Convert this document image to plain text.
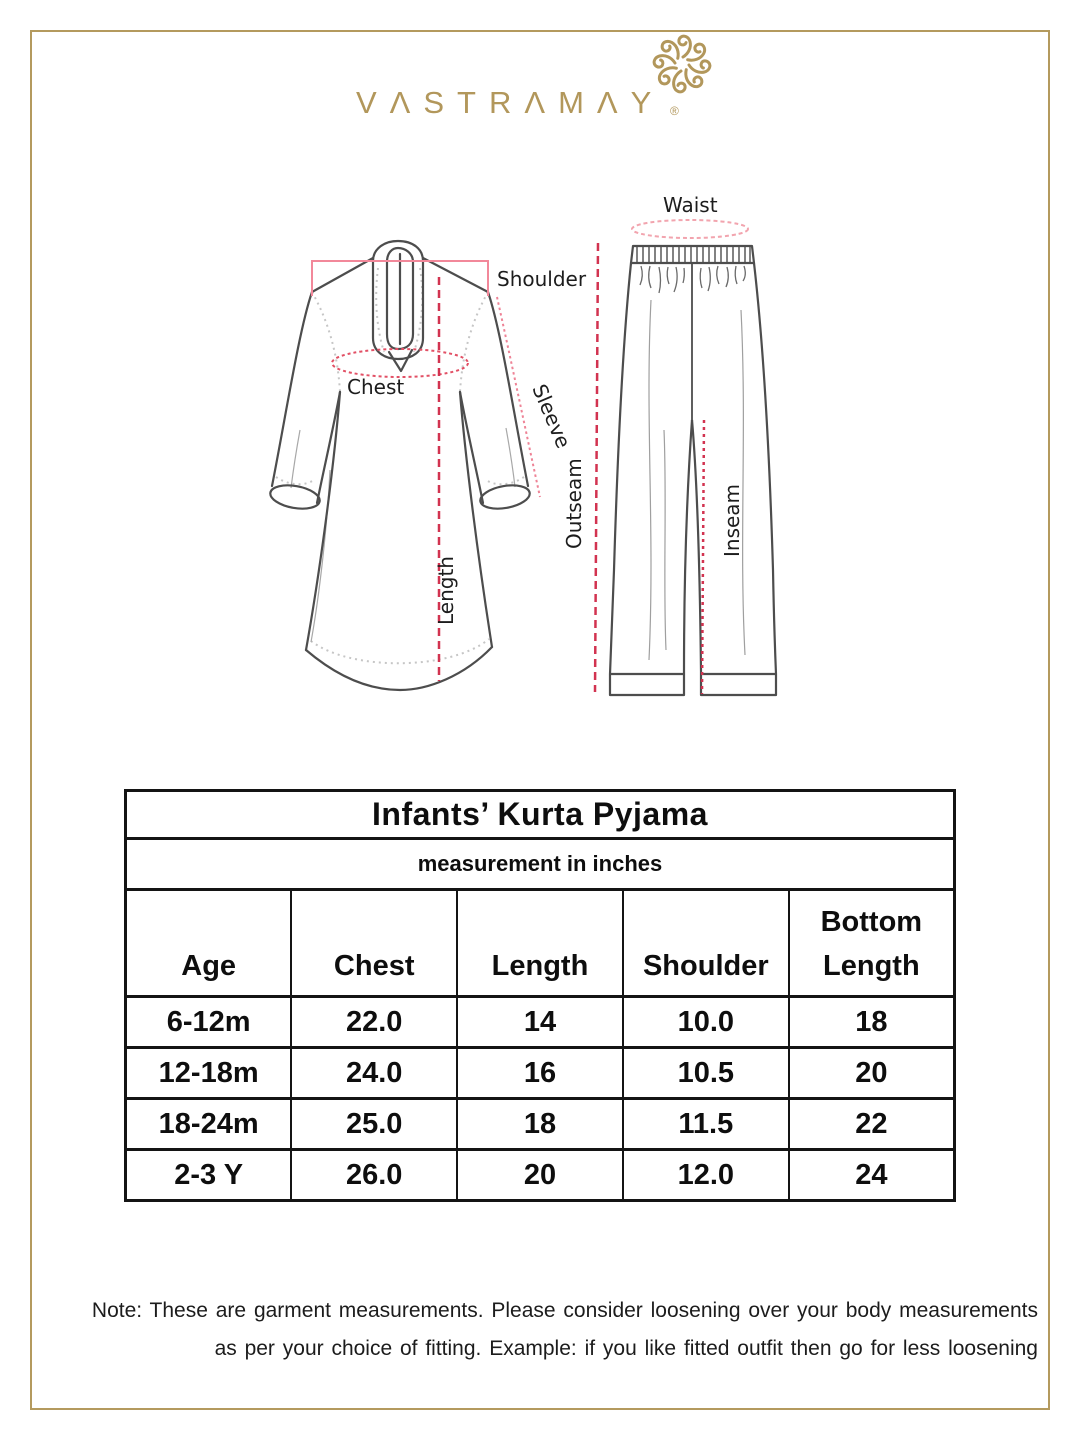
VΛSTRΛMΛY ®
Shoulder
Chest	Sleeve
Length
Waist
Outseam	Inseam
Infants’ Kurta Pyjama				
measurement in inches				
Age	Chest	Length	Shoulder	Bottom Length
6-12m	22.0	14	10.0	18
12-18m	24.0	16	10.5	20
18-24m	25.0	18	11.5	22
2-3 Y	26.0	20	12.0	24
Note: These are garment measurements. Please consider loosening over your body measurements
as per your choice of fitting. Example: if you like fitted outfit then go for less loosening
